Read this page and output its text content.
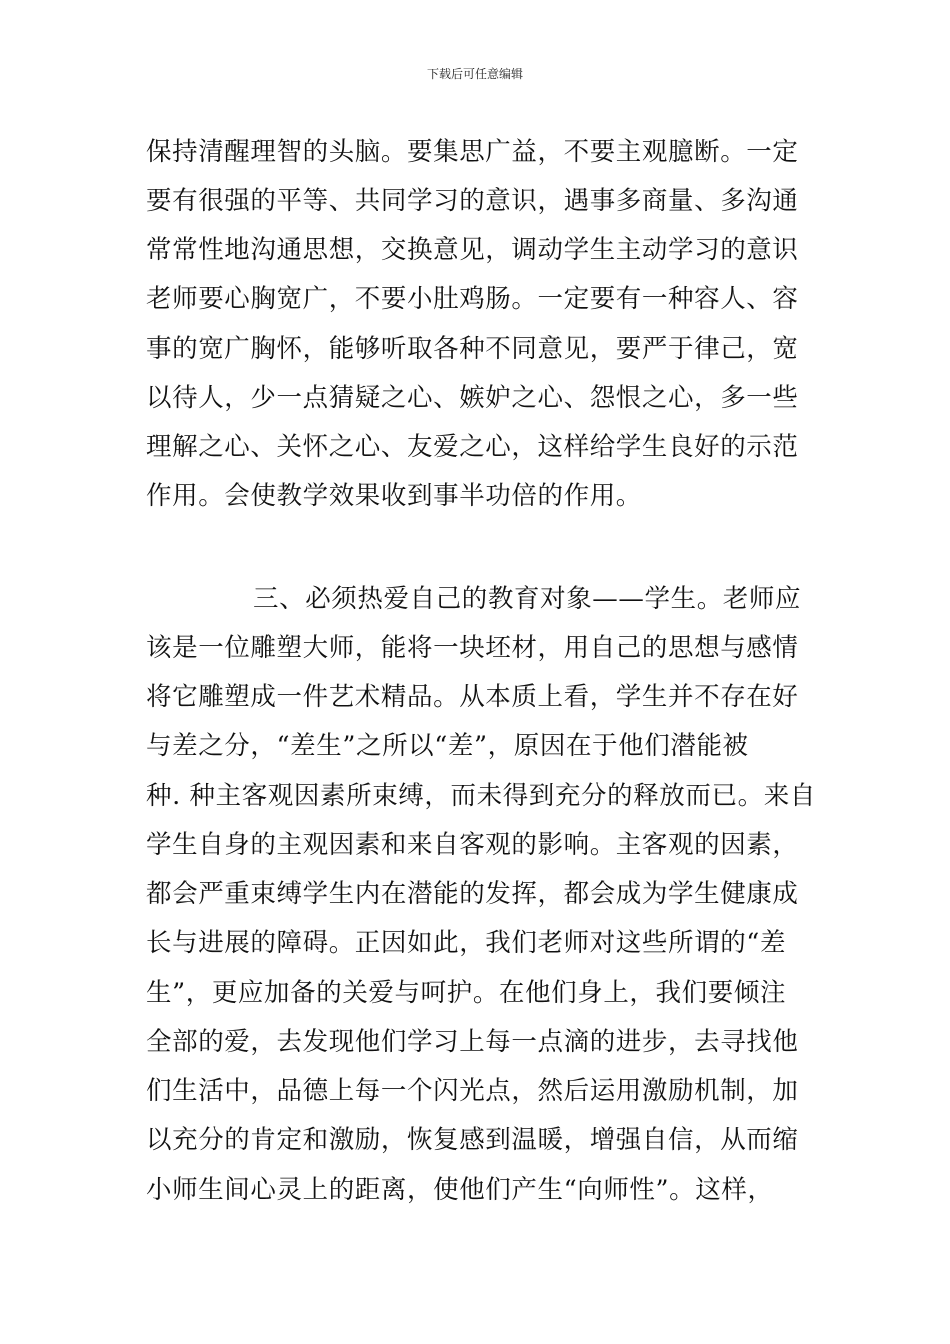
下载后可任意编辑
保持清醒理智的头脑。要集思广益，不要主观臆断。一定
要有很强的平等、共同学习的意识，遇事多商量、多沟通
常常性地沟通思想，交换意见，调动学生主动学习的意识
老师要心胸宽广，不要小肚鸡肠。一定要有一种容人、容
事的宽广胸怀，能够听取各种不同意见，要严于律己，宽
以待人，少一点猜疑之心、嫉妒之心、怨恨之心，多一些
理解之心、关怀之心、友爱之心，这样给学生良好的示范
作用。会使教学效果收到事半功倍的作用。
三、必须热爱自己的教育对象——学生。老师应
该是一位雕塑大师，能将一块坯材，用自己的思想与感情
将它雕塑成一件艺术精品。从本质上看，学生并不存在好
与差之分，“差生”之所以“差”，原因在于他们潜能被
种. 种主客观因素所束缚，而未得到充分的释放而已。来自
学生自身的主观因素和来自客观的影响。主客观的因素，
都会严重束缚学生内在潜能的发挥，都会成为学生健康成
长与进展的障碍。正因如此，我们老师对这些所谓的“差
生”，更应加备的关爱与呵护。在他们身上，我们要倾注
全部的爱，去发现他们学习上每一点滴的进步，去寻找他
们生活中，品德上每一个闪光点，然后运用激励机制，加
以充分的肯定和激励，恢复感到温暖，增强自信，从而缩
小师生间心灵上的距离，使他们产生“向师性”。这样，
